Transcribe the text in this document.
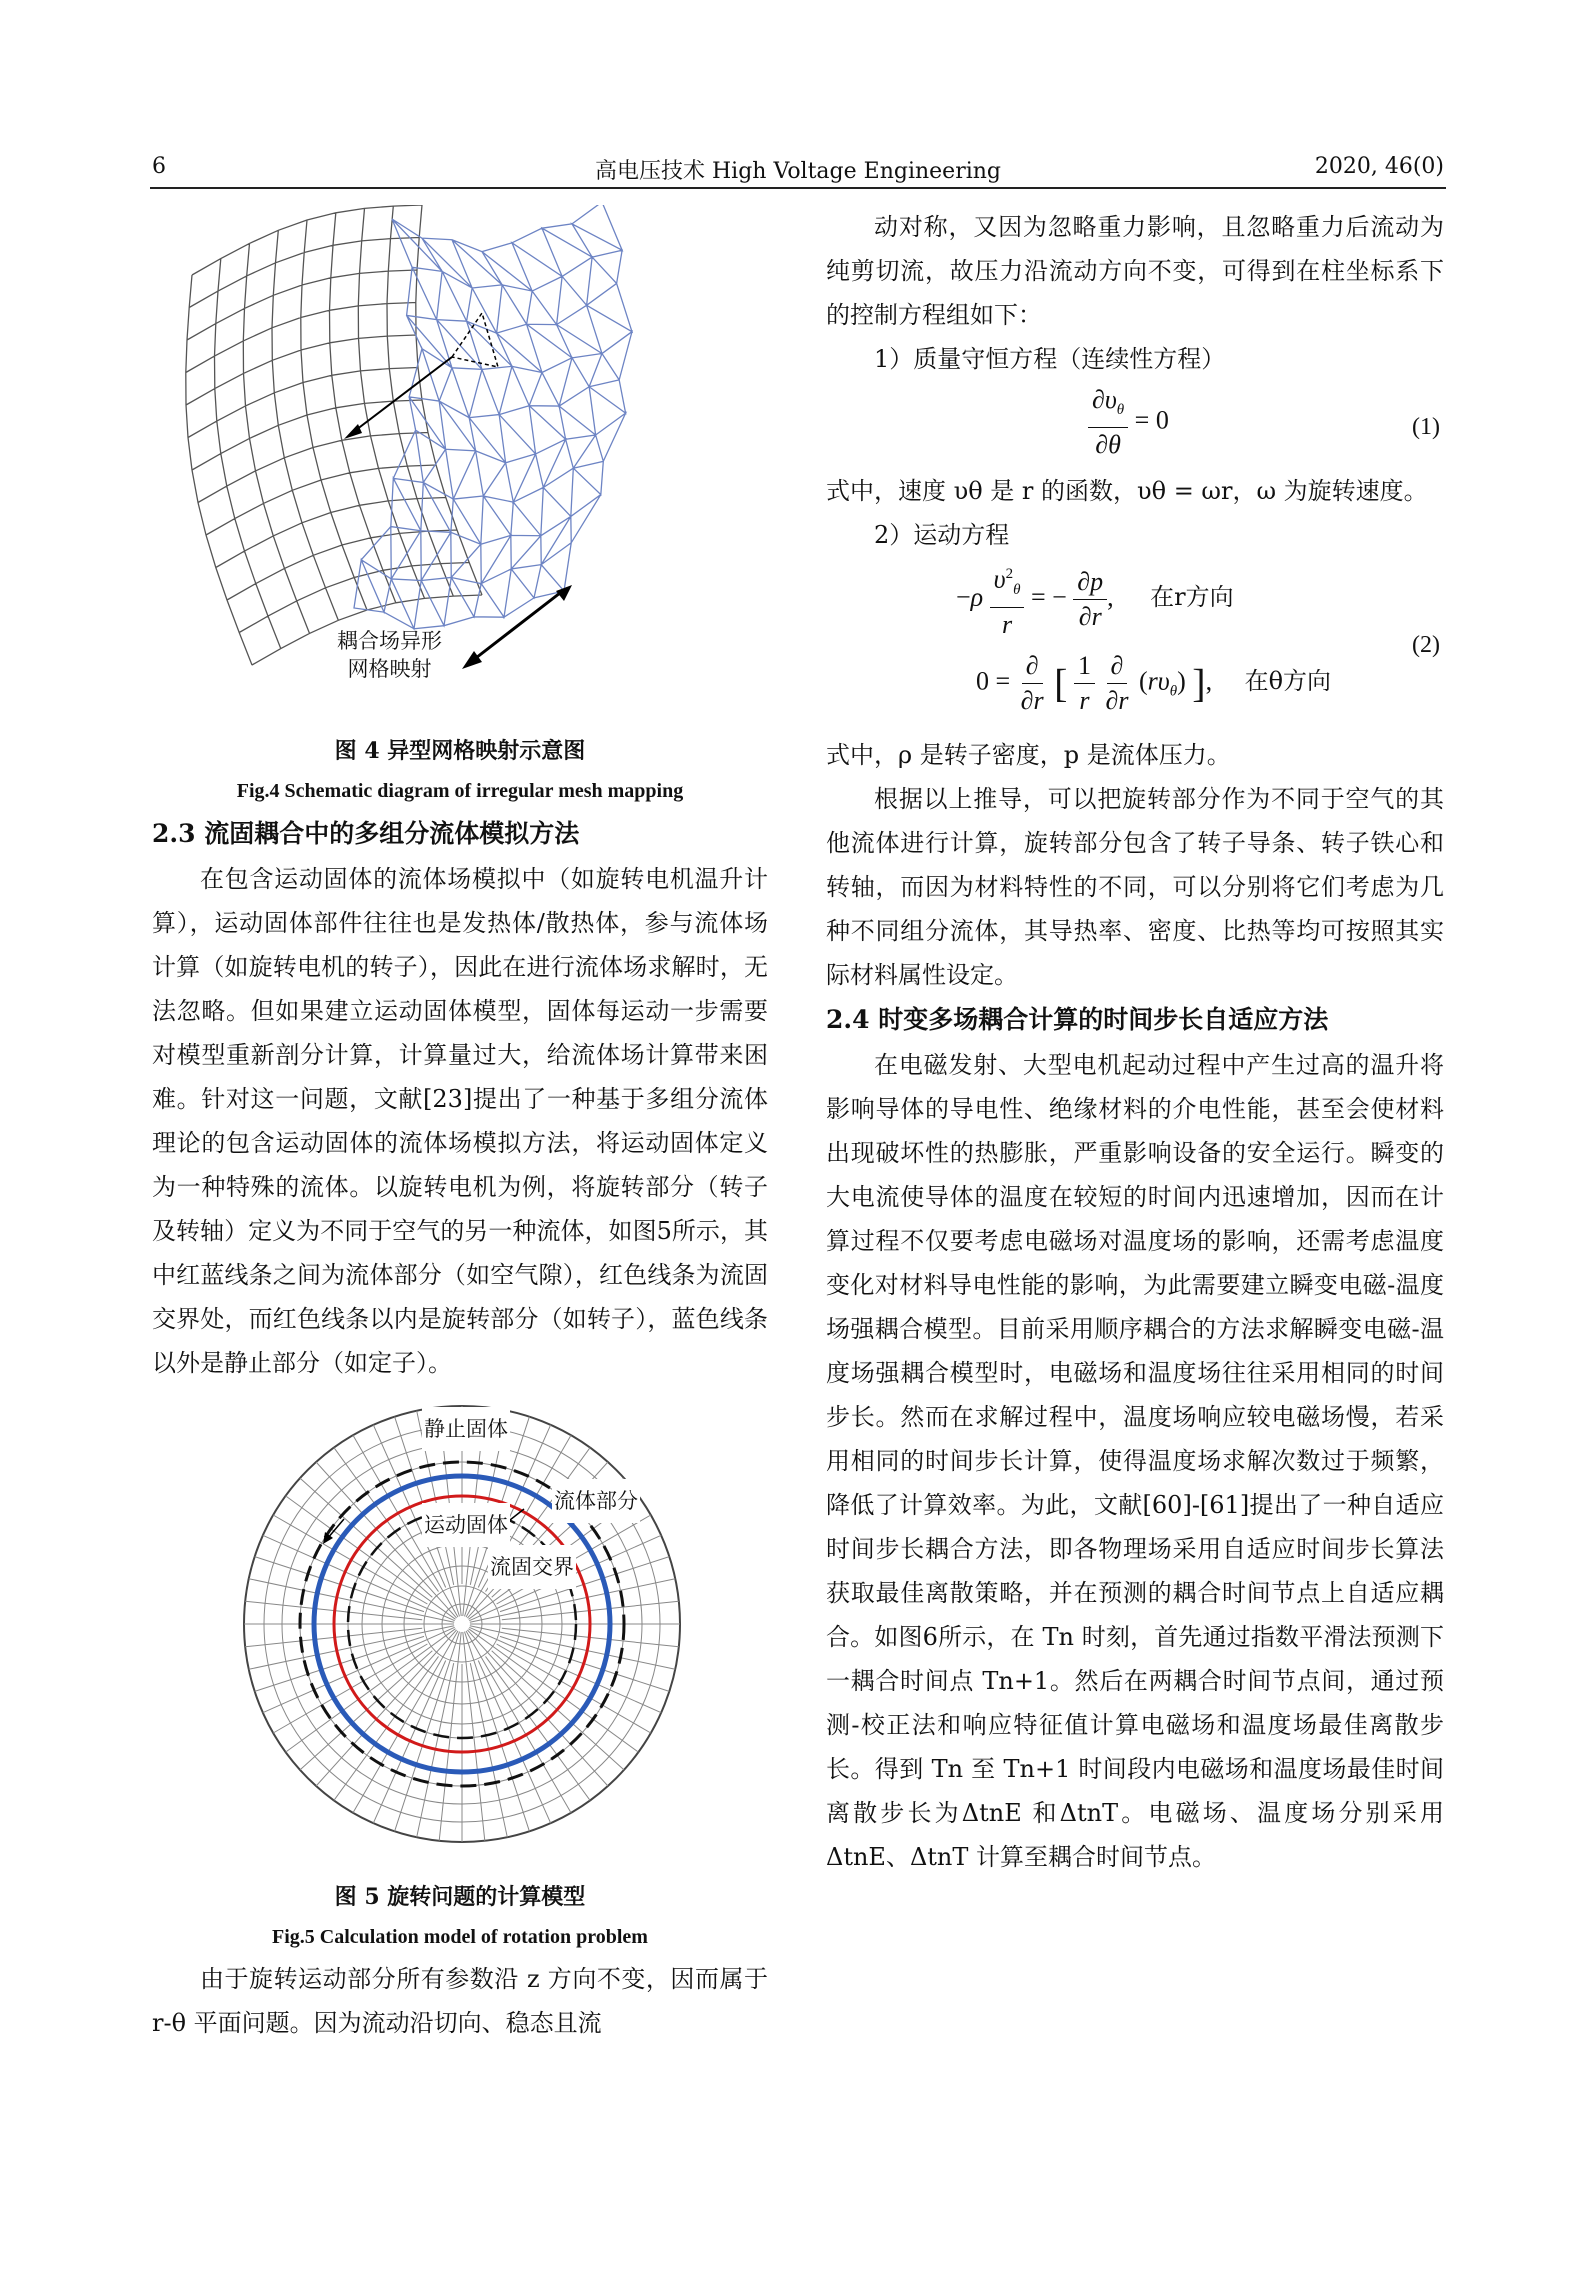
6	高电压技术 High Voltage Engineering	2020, 46(0)
耦合场异形
网格映射

图 4 异型网格映射示意图

Fig.4 Schematic diagram of irregular mesh mapping

2.3 流固耦合中的多组分流体模拟方法

在包含运动固体的流体场模拟中（如旋转电机温升计算），运动固体部件往往也是发热体/散热体，参与流体场计算（如旋转电机的转子），因此在进行流体场求解时，无法忽略。但如果建立运动固体模型，固体每运动一步需要对模型重新剖分计算，计算量过大，给流体场计算带来困难。针对这一问题，文献[23]提出了一种基于多组分流体理论的包含运动固体的流体场模拟方法，将运动固体定义为一种特殊的流体。以旋转电机为例，将旋转部分（转子及转轴）定义为不同于空气的另一种流体，如图5所示，其中红蓝线条之间为流体部分（如空气隙），红色线条为流固交界处，而红色线条以内是旋转部分（如转子），蓝色线条以外是静止部分（如定子）。

静止固体
流体部分
运动固体
流固交界

图 5 旋转问题的计算模型

Fig.5 Calculation model of rotation problem

由于旋转运动部分所有参数沿 z 方向不变，因而属于 r-θ 平面问题。因为流动沿切向、稳态且流

动对称，又因为忽略重力影响，且忽略重力后流动为纯剪切流，故压力沿流动方向不变，可得到在柱坐标系下的控制方程组如下：

1）质量守恒方程（连续性方程）

$\frac{\partial\upsilon_\theta}{\partial\theta} = 0$	(1)

式中，速度 υθ 是 r 的函数，υθ = ωr，ω 为旋转速度。

2）运动方程

$-\rho \frac{\upsilon^2_\theta}{r}$ = − $\frac{\partial p}{\partial r}$ , 在r方向
$0 = \frac{\partial}{\partial r}$ [ $\frac{1}{r}$
$\frac{\partial}{\partial r} (r\upsilon_\theta)$ ], 在θ方向
(2)

式中，ρ 是转子密度，p 是流体压力。

根据以上推导，可以把旋转部分作为不同于空气的其他流体进行计算，旋转部分包含了转子导条、转子铁心和转轴，而因为材料特性的不同，可以分别将它们考虑为几种不同组分流体，其导热率、密度、比热等均可按照其实际材料属性设定。

2.4 时变多场耦合计算的时间步长自适应方法

在电磁发射、大型电机起动过程中产生过高的温升将影响导体的导电性、绝缘材料的介电性能，甚至会使材料出现破坏性的热膨胀，严重影响设备的安全运行。瞬变的大电流使导体的温度在较短的时间内迅速增加，因而在计算过程不仅要考虑电磁场对温度场的影响，还需考虑温度变化对材料导电性能的影响，为此需要建立瞬变电磁-温度场强耦合模型。目前采用顺序耦合的方法求解瞬变电磁-温度场强耦合模型时，电磁场和温度场往往采用相同的时间步长。然而在求解过程中，温度场响应较电磁场慢，若采用相同的时间步长计算，使得温度场求解次数过于频繁，降低了计算效率。为此，文献[60]-[61]提出了一种自适应时间步长耦合方法，即各物理场采用自适应时间步长算法获取最佳离散策略，并在预测的耦合时间节点上自适应耦合。如图6所示，在 Tn 时刻，首先通过指数平滑法预测下一耦合时间点 Tn+1。然后在两耦合时间节点间，通过预测-校正法和响应特征值计算电磁场和温度场最佳离散步长。得到 Tn 至 Tn+1 时间段内电磁场和温度场最佳时间离散步长为ΔtnE 和ΔtnT。电磁场、温度场分别采用ΔtnE、ΔtnT 计算至耦合时间节点。
